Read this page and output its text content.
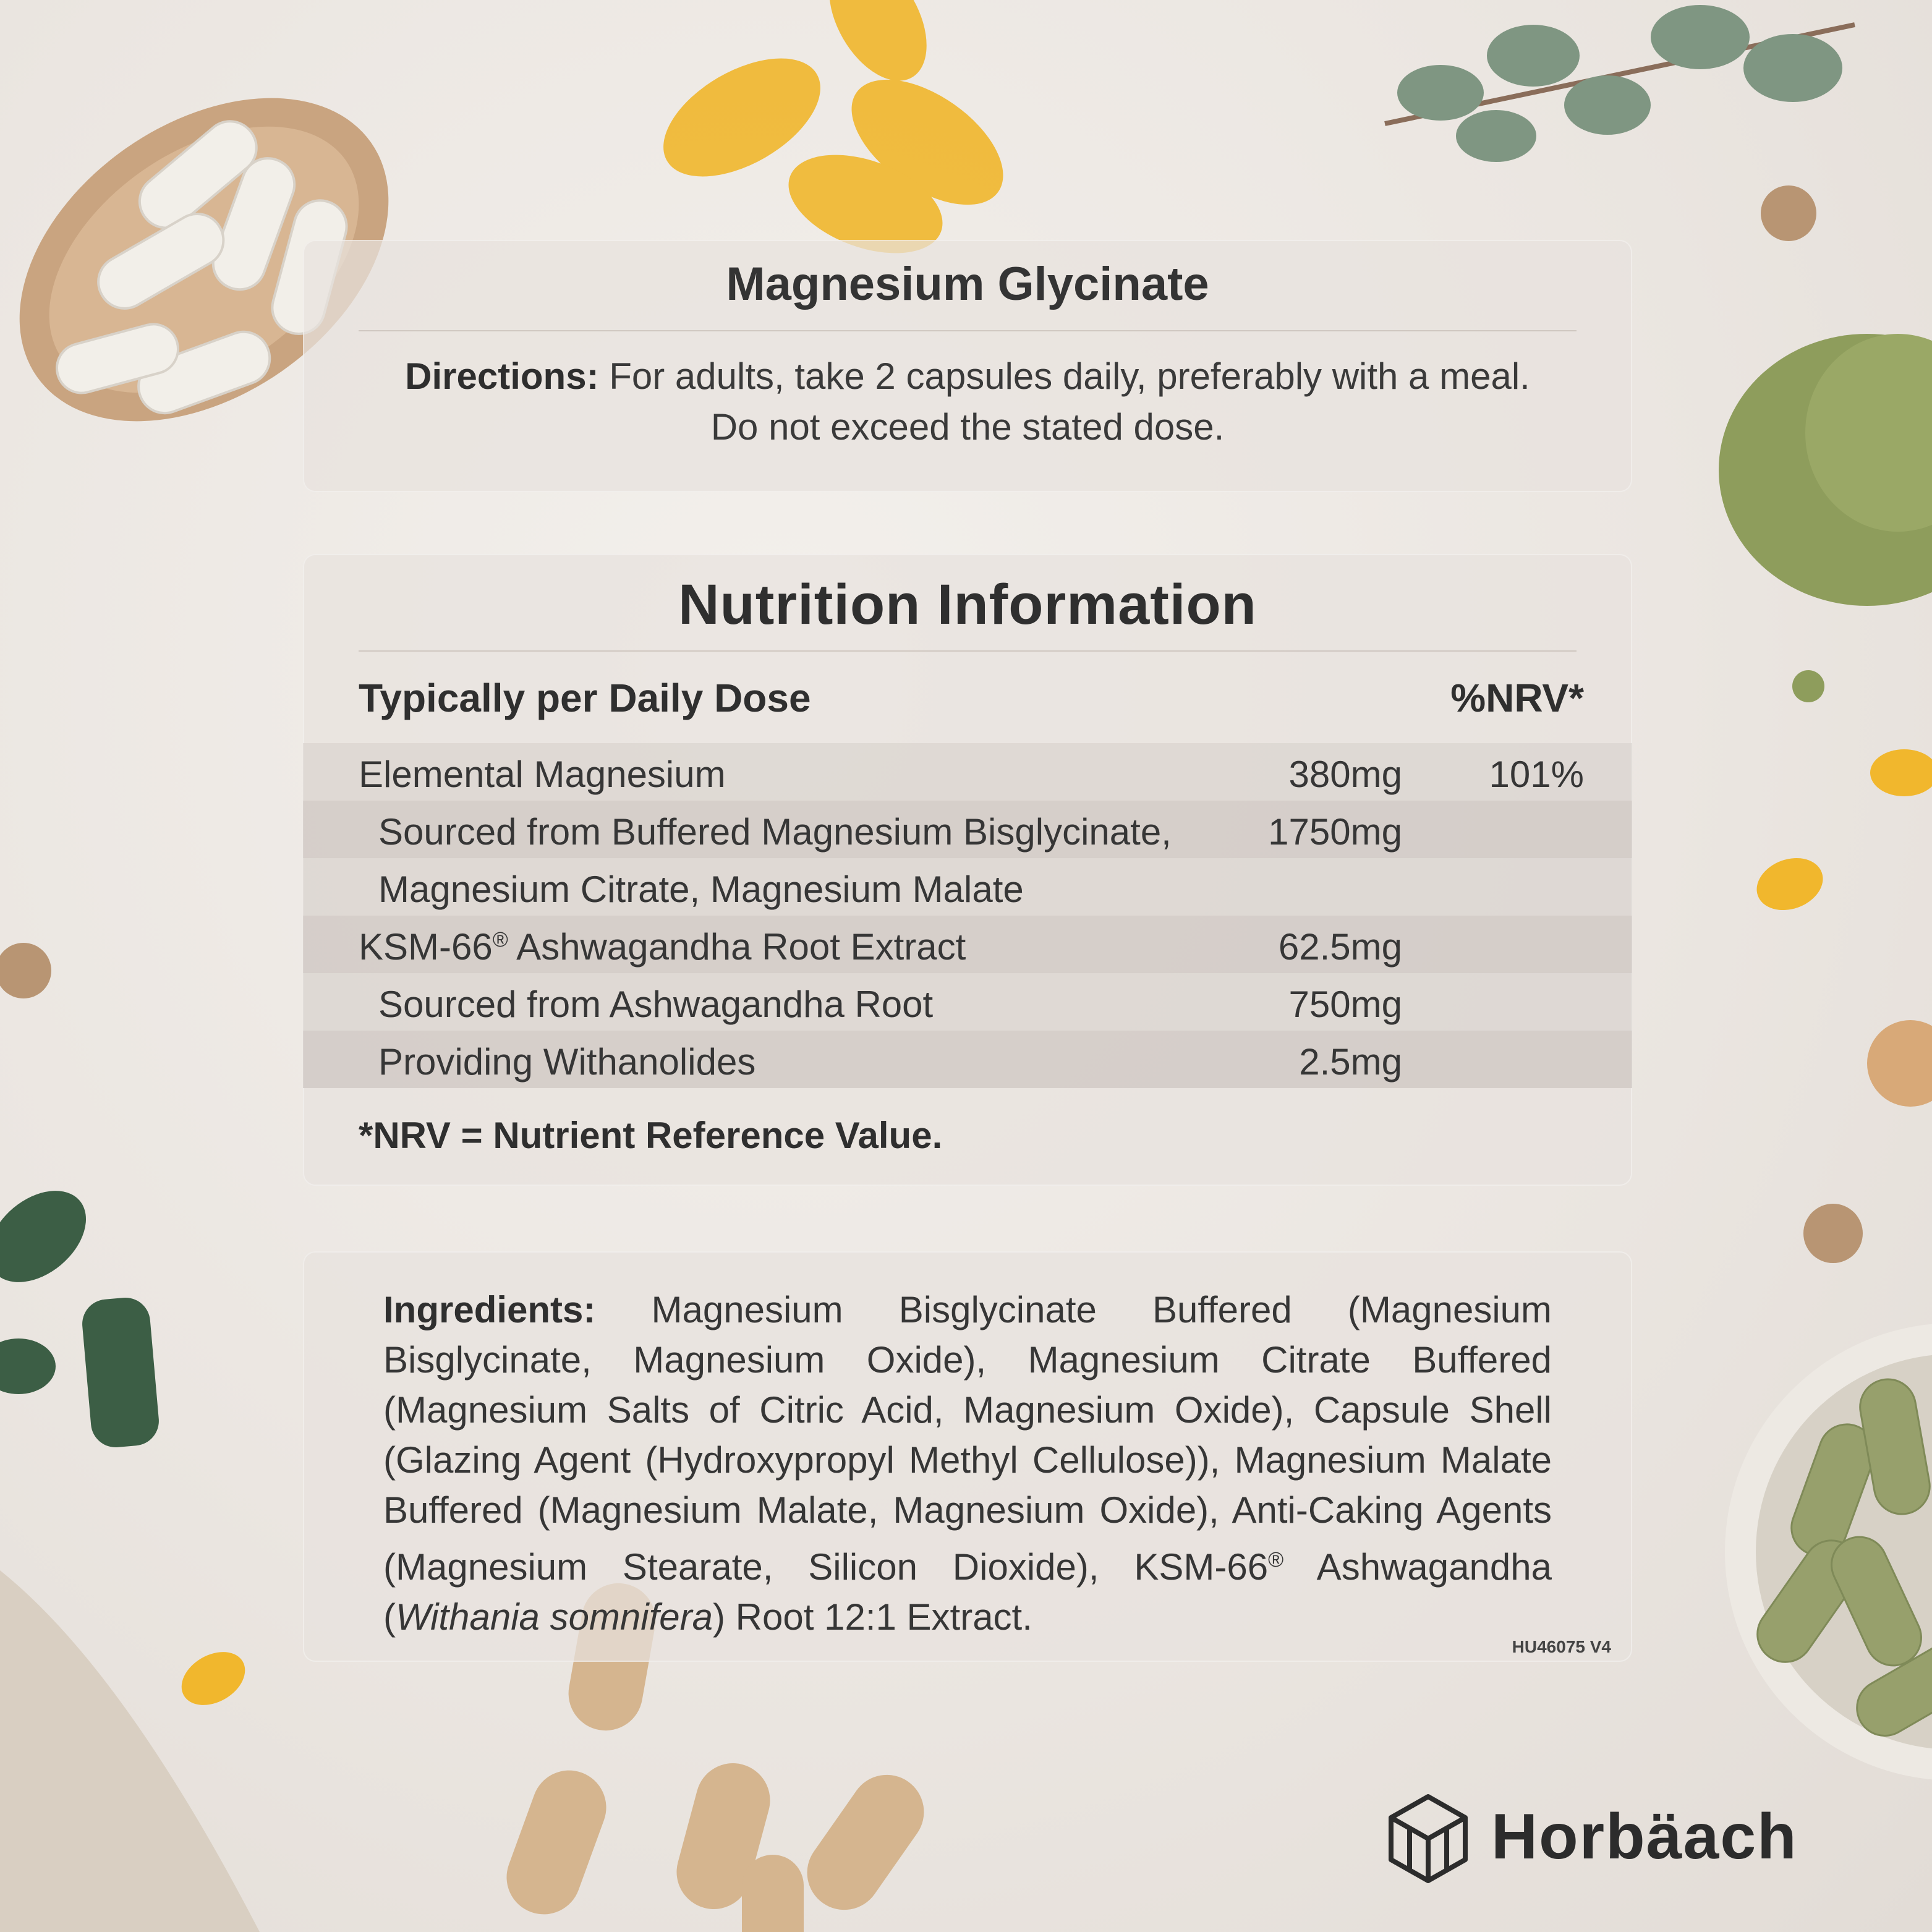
Magnesium Glycinate
Directions: For adults, take 2 capsules daily, preferably with a meal.
Do not exceed the stated dose.
Nutrition Information
Typically per Daily Dose	%NRV*
Elemental Magnesium	380mg 101%
Sourced from Buffered Magnesium Bisglycinate,	1750mg
Magnesium Citrate, Magnesium Malate
KSM-66® Ashwagandha Root Extract	62.5mg
Sourced from Ashwagandha Root	750mg
Providing Withanolides	2.5mg
*NRV = Nutrient Reference Value.
Ingredients: Magnesium Bisglycinate Buffered (Magnesium Bisglycinate, Magnesium Oxide), Magnesium Citrate Buffered (Magnesium Salts of Citric Acid, Magnesium Oxide), Capsule Shell (Glazing Agent (Hydroxypropyl Methyl Cellulose)), Magnesium Malate Buffered (Magnesium Malate, Magnesium Oxide), Anti-Caking Agents (Magnesium Stearate, Silicon Dioxide), KSM-66® Ashwagandha (Withania somnifera) Root 12:1 Extract.
HU46075 V4
Horbäach
